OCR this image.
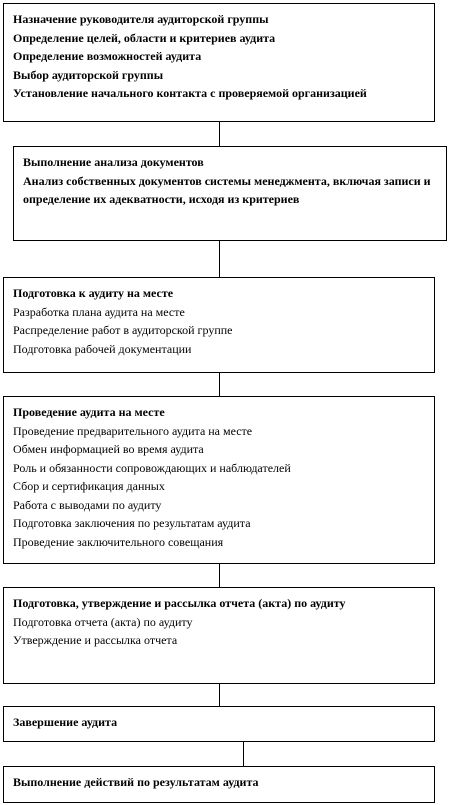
Назначение руководителя аудиторской группы
Определение целей, области и критериев аудита
Определение возможностей аудита
Выбор аудиторской группы
Установление начального контакта с проверяемой организацией
Выполнение анализа документов
Анализ собственных документов системы менеджмента, включая записи и определение их адекватности, исходя из критериев
Подготовка к аудиту на месте
Разработка плана аудита на месте
Распределение работ в аудиторской группе
Подготовка рабочей документации
Проведение аудита на месте
Проведение предварительного аудита на месте
Обмен информацией во время аудита
Роль и обязанности сопровождающих и наблюдателей
Сбор и сертификация данных
Работа с выводами по аудиту
Подготовка заключения по результатам аудита
Проведение заключительного совещания
Подготовка, утверждение и рассылка отчета (акта) по аудиту
Подготовка отчета (акта) по аудиту
Утверждение и рассылка отчета
Завершение аудита
Выполнение действий по результатам аудита
